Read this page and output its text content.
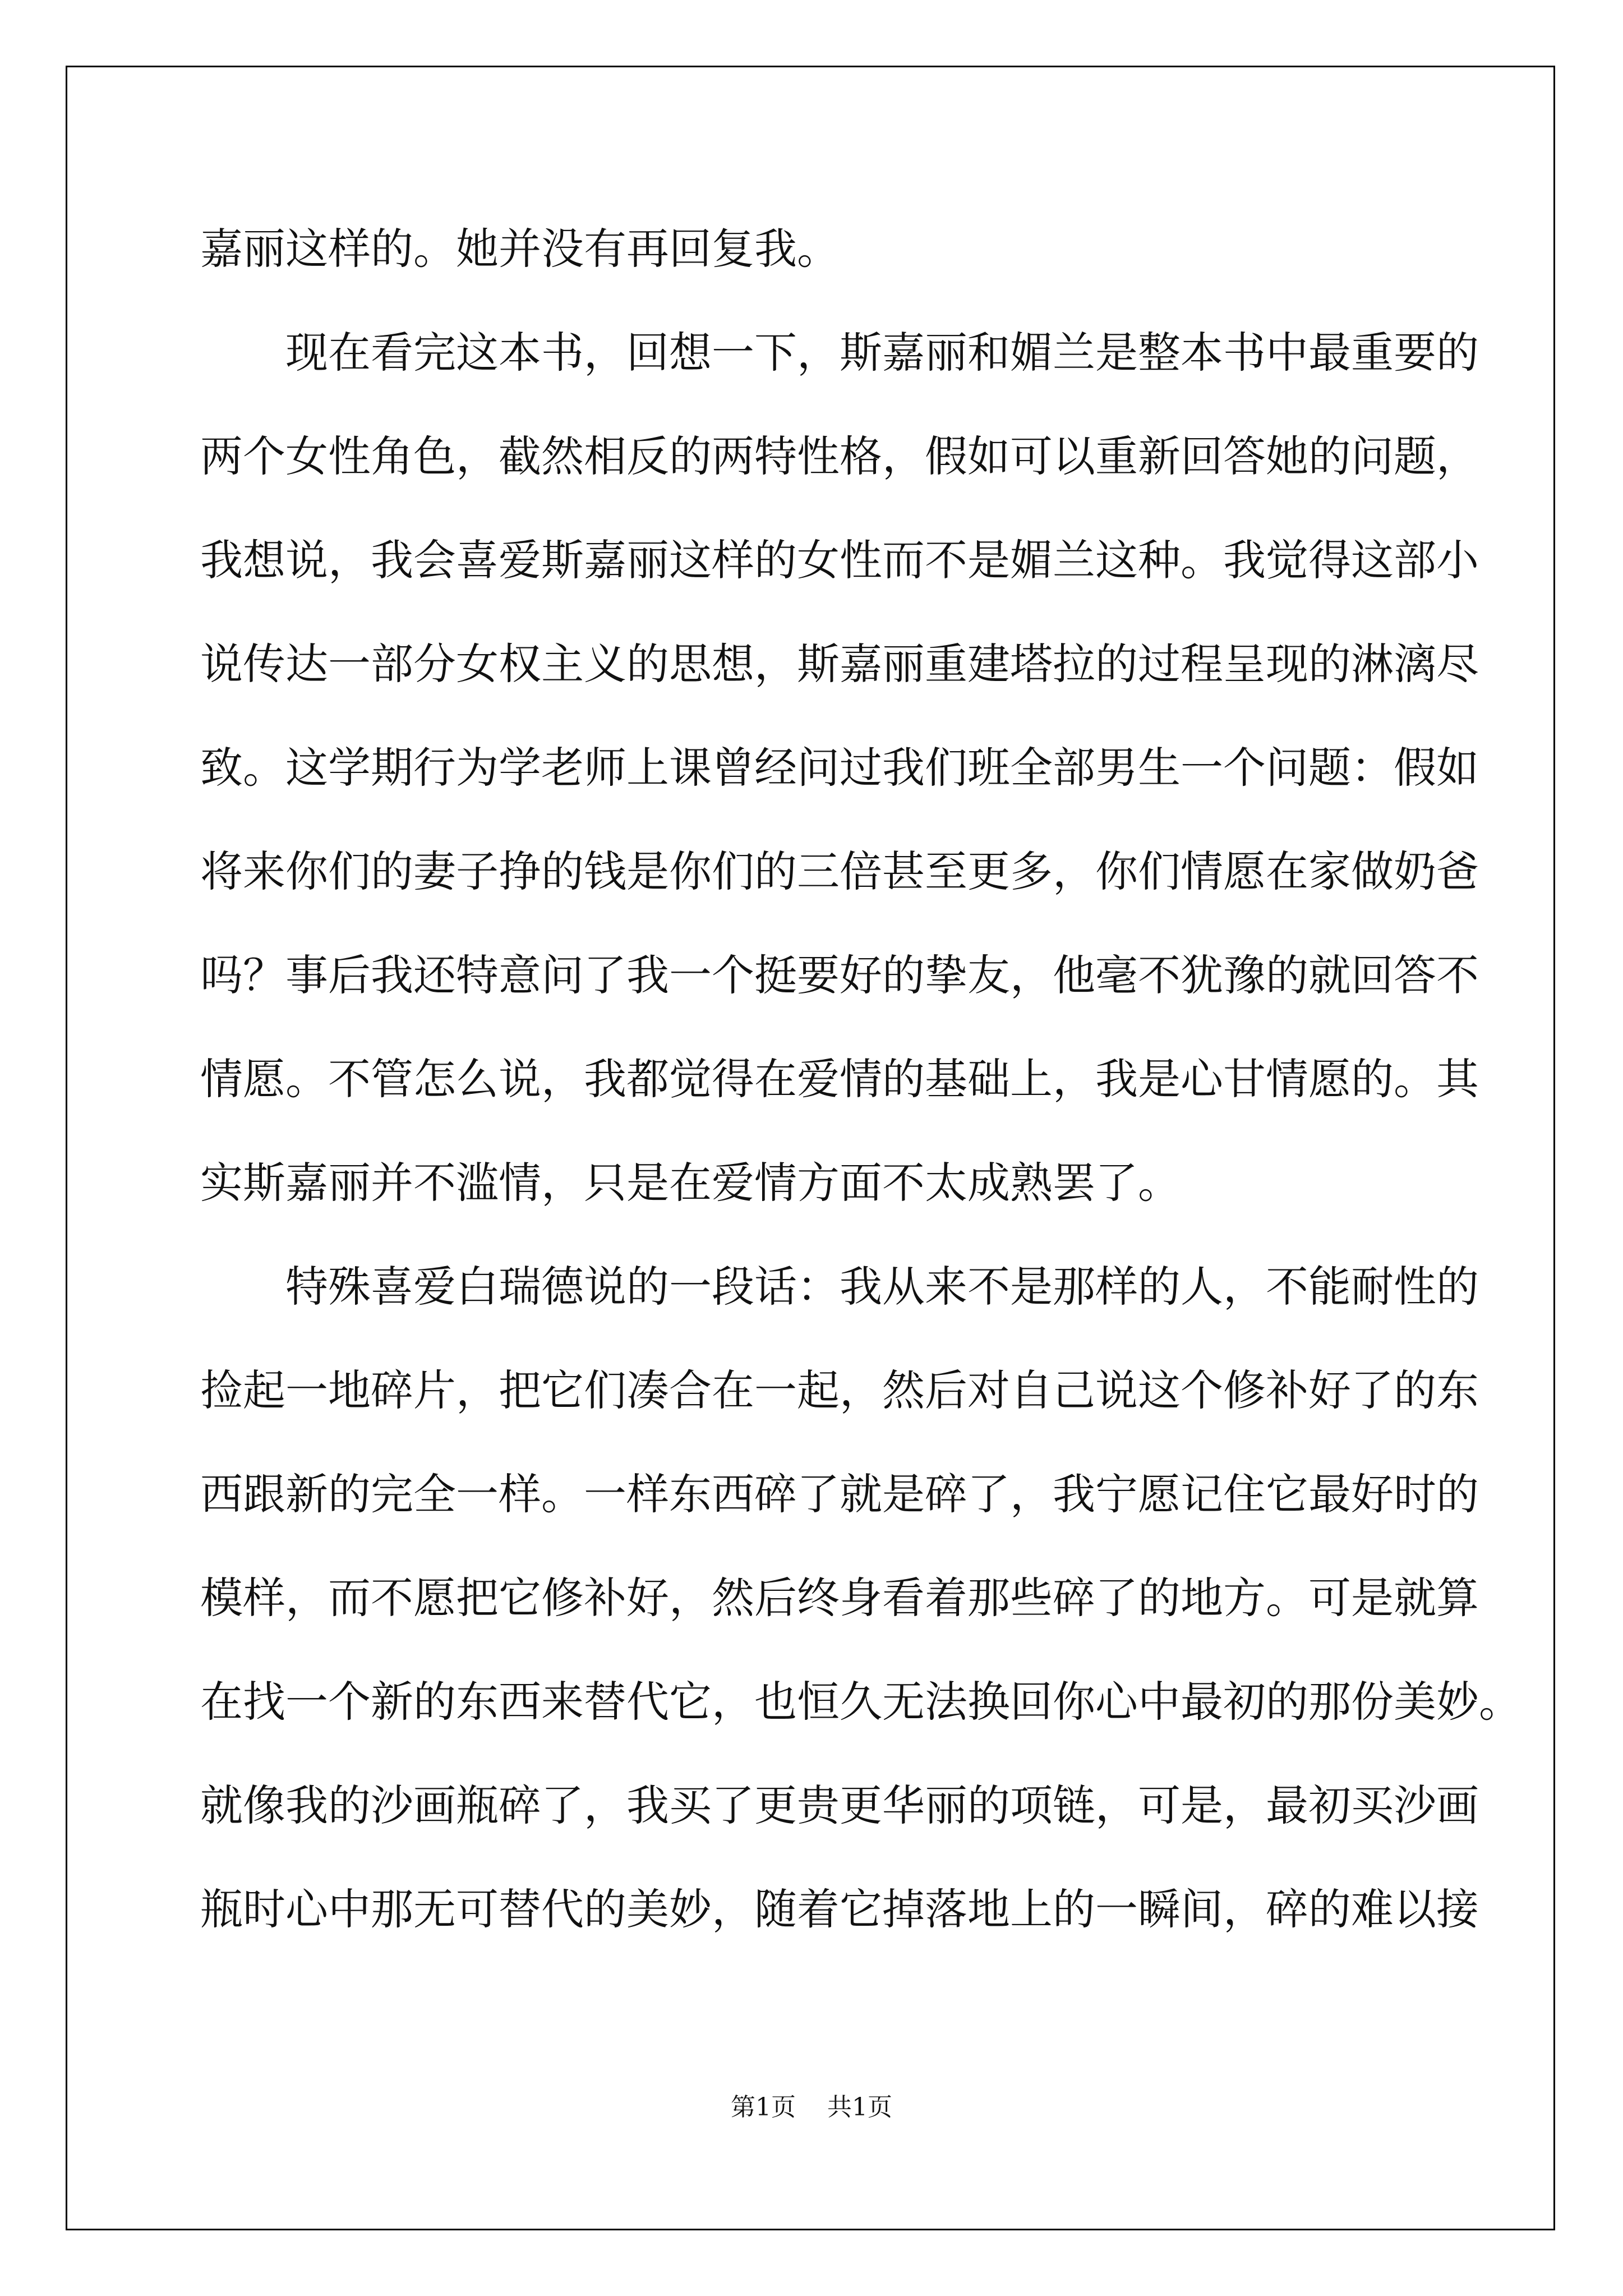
嘉丽这样的。她并没有再回复我。
现在看完这本书，回想一下，斯嘉丽和媚兰是整本书中最重要的
两个女性角色，截然相反的两特性格，假如可以重新回答她的问题，
我想说，我会喜爱斯嘉丽这样的女性而不是媚兰这种。我觉得这部小
说传达一部分女权主义的思想，斯嘉丽重建塔拉的过程呈现的淋漓尽
致。这学期行为学老师上课曾经问过我们班全部男生一个问题：假如
将来你们的妻子挣的钱是你们的三倍甚至更多，你们情愿在家做奶爸
吗？事后我还特意问了我一个挺要好的挚友，他毫不犹豫的就回答不
情愿。不管怎么说，我都觉得在爱情的基础上，我是心甘情愿的。其
实斯嘉丽并不滥情，只是在爱情方面不太成熟罢了。
特殊喜爱白瑞德说的一段话：我从来不是那样的人，不能耐性的
捡起一地碎片，把它们凑合在一起，然后对自己说这个修补好了的东
西跟新的完全一样。一样东西碎了就是碎了，我宁愿记住它最好时的
模样，而不愿把它修补好，然后终身看着那些碎了的地方。可是就算
在找一个新的东西来替代它，也恒久无法换回你心中最初的那份美妙。
就像我的沙画瓶碎了，我买了更贵更华丽的项链，可是，最初买沙画
瓶时心中那无可替代的美妙，随着它掉落地上的一瞬间，碎的难以接
第1页    共1页
